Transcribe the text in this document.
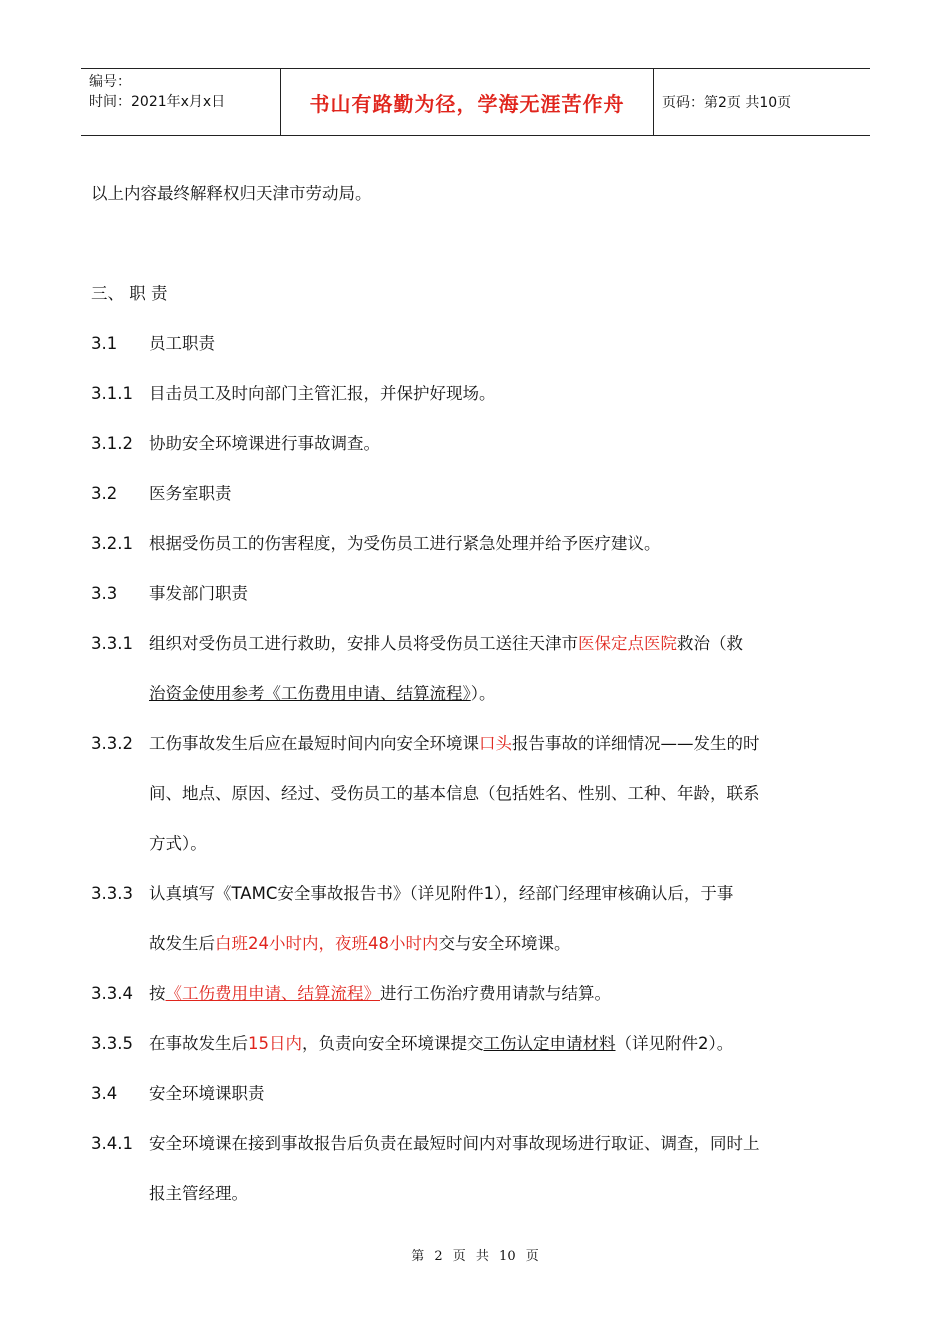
编号：
时间：2021年x月x日	书山有路勤为径，学海无涯苦作舟	页码：第2页 共10页
以上内容最终解释权归天津市劳动局。
三、 职 责
3.1 员工职责
3.1.1 目击员工及时向部门主管汇报，并保护好现场。
3.1.2 协助安全环境课进行事故调查。
3.2 医务室职责
3.2.1 根据受伤员工的伤害程度，为受伤员工进行紧急处理并给予医疗建议。
3.3 事发部门职责
3.3.1 组织对受伤员工进行救助，安排人员将受伤员工送往天津市医保定点医院救治（救
治资金使用参考《工伤费用申请、结算流程》）。
3.3.2 工伤事故发生后应在最短时间内向安全环境课口头报告事故的详细情况——发生的时
间、地点、原因、经过、受伤员工的基本信息（包括姓名、性别、工种、年龄，联系
方式）。
3.3.3 认真填写《TAMC安全事故报告书》（详见附件1），经部门经理审核确认后，于事
故发生后白班24小时内，夜班48小时内交与安全环境课。
3.3.4 按《工伤费用申请、结算流程》进行工伤治疗费用请款与结算。
3.3.5 在事故发生后15日内，负责向安全环境课提交工伤认定申请材料（详见附件2）。
3.4 安全环境课职责
3.4.1 安全环境课在接到事故报告后负责在最短时间内对事故现场进行取证、调查，同时上
报主管经理。
第 2 页 共 10 页
